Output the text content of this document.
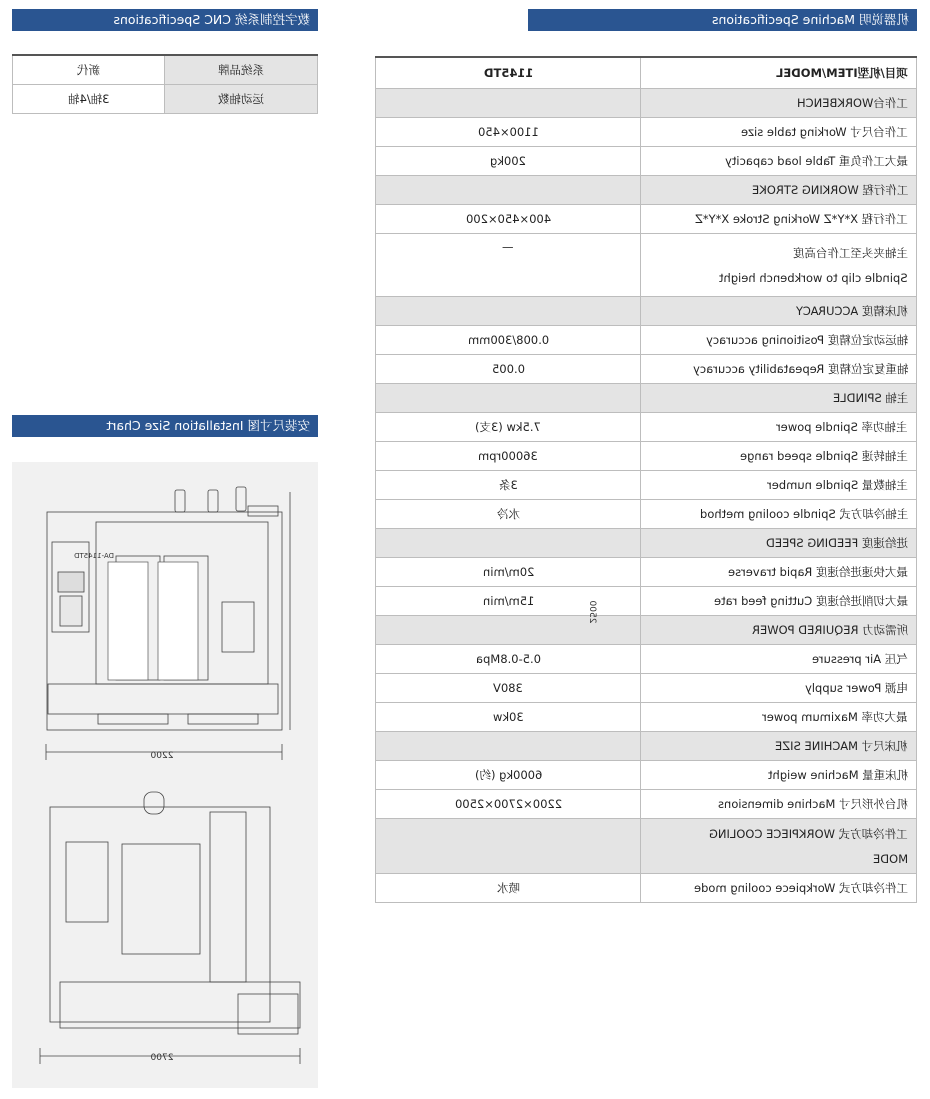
机器说明 Machine Specifications
数字控制系统 CNC Specifications
安装尺寸图 Installation Size Chart
新代	系统品牌
3轴/4轴	运动轴数
1145TD	项目/机型ITEM/MODEL
	工作台WORKBENCH
1100×450	工作台尺寸 Working table size
200kg	最大工作负重 Table load capacity
	工作行程 WORKING STROKE
400×450×200	工作行程 X*Y*Z Working Stroke X*Y*Z
—	主轴夹头至工作台高度
Spindle clip to workbench height

	机床精度 ACCURACY
0.008/300mm	轴运动定位精度 Positioning accuracy
0.005	轴重复定位精度 Repeatability accuracy
	主轴 SPINDLE
7.5kw (3支)	主轴功率 Spindle power
36000rpm	主轴转速 Spindle speed range
3条	主轴数量 Spindle number
水冷	主轴冷却方式 Spindle cooling method
	进给速度 FEEDING SPEED
20m/min	最大快速进给速度 Rapid traverse
15m/min	最大切削进给速度 Cutting feed rate
	所需动力 REQUIRED POWER
0.5-0.8Mpa	气压 Air pressure
380V	电源 Power supply
30kw	最大功率 Maximum power
	机床尺寸 MACHINE SIZE
6000kg (约)	机床重量 Machine weight
2200×2700×2500	机台外形尺寸 Machine dimensions
	工件冷却方式 WORKPIECE COOLING
MODE

喷水	工件冷却方式 Workpiece cooling mode
2200
2700
2500
DA-1145TD
